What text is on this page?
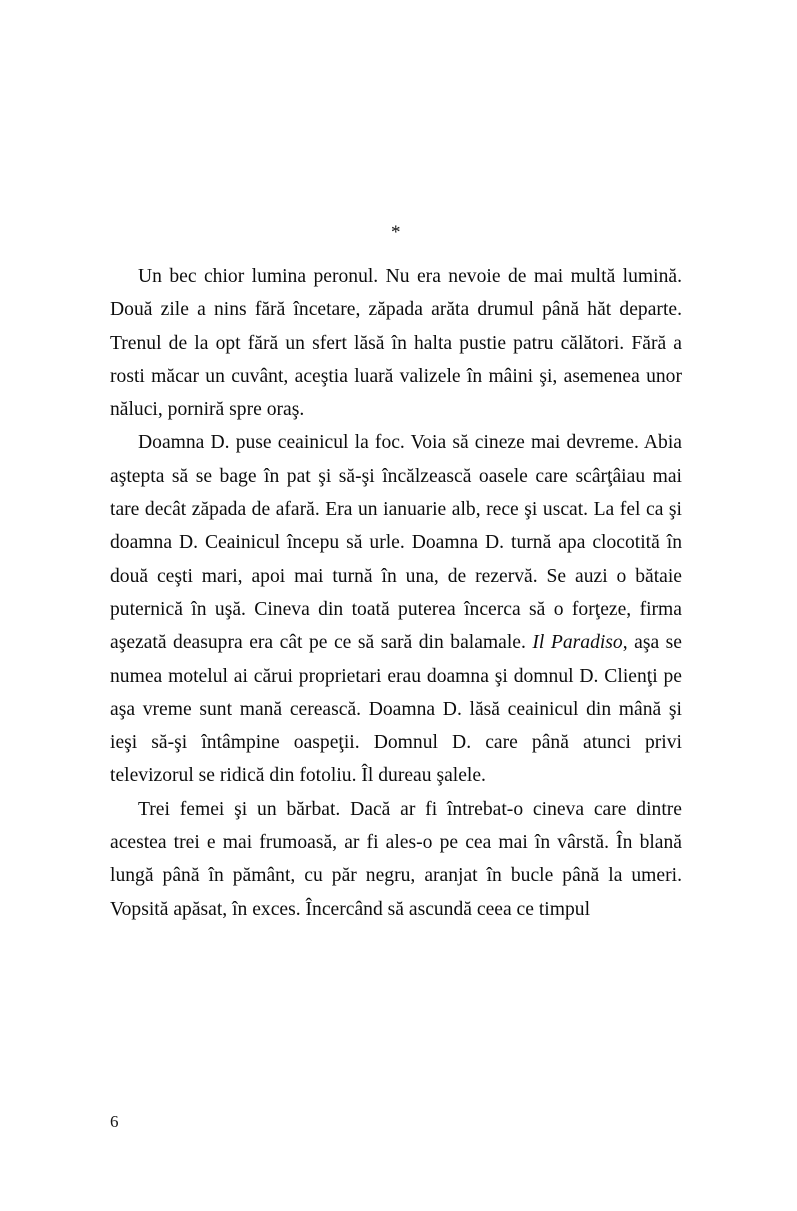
*

Un bec chior lumina peronul. Nu era nevoie de mai multă lumină. Două zile a nins fără încetare, zăpada arăta drumul până hăt departe. Trenul de la opt fără un sfert lăsă în halta pustie patru călători. Fără a rosti măcar un cuvânt, aceştia luară valizele în mâini şi, asemenea unor năluci, porniră spre oraş.

Doamna D. puse ceainicul la foc. Voia să cineze mai devreme. Abia aştepta să se bage în pat şi să-şi încălzească oasele care scârţâiau mai tare decât zăpada de afară. Era un ianuarie alb, rece şi uscat. La fel ca şi doamna D. Ceainicul începu să urle. Doamna D. turnă apa clocotită în două ceşti mari, apoi mai turnă în una, de rezervă. Se auzi o bătaie puternică în uşă. Cineva din toată puterea încerca să o forţeze, firma aşezată deasupra era cât pe ce să sară din balamale. Il Paradiso, aşa se numea motelul ai cărui proprietari erau doamna şi domnul D. Clienţi pe aşa vreme sunt mană cerească. Doamna D. lăsă ceainicul din mână şi ieşi să-şi întâmpine oaspeţii. Domnul D. care până atunci privi televizorul se ridică din fotoliu. Îl dureau şalele.

Trei femei şi un bărbat. Dacă ar fi întrebat-o cineva care dintre acestea trei e mai frumoasă, ar fi ales-o pe cea mai în vârstă. În blană lungă până în pământ, cu păr negru, aranjat în bucle până la umeri. Vopsită apăsat, în exces. Încercând să ascundă ceea ce timpul

6
